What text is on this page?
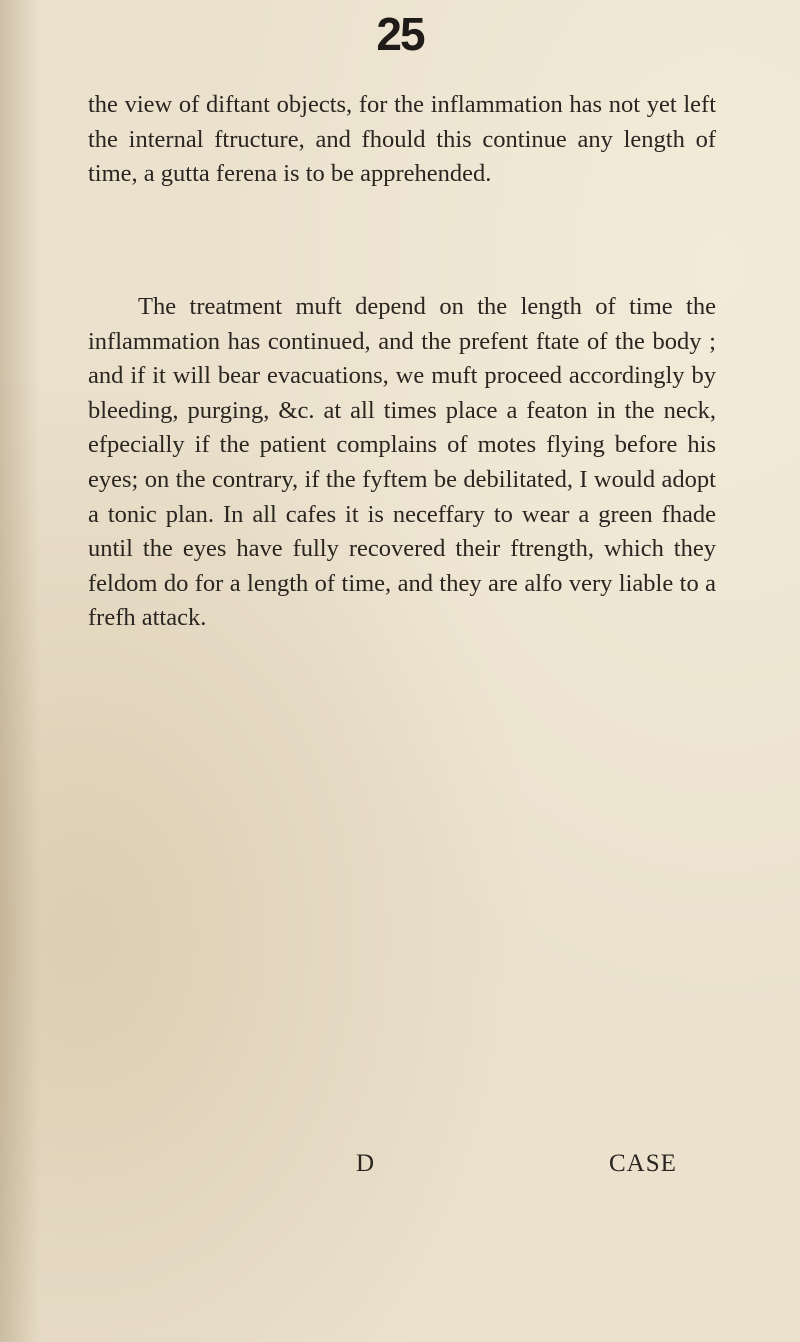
25

the view of diftant objects, for the inflammation has not yet left the internal ftructure, and fhould this continue any length of time, a gutta ferena is to be apprehended.

The treatment muft depend on the length of time the inflammation has continued, and the prefent ftate of the body ; and if it will bear evacuations, we muft proceed accordingly by bleeding, purging, &c. at all times place a featon in the neck, efpecially if the patient complains of motes flying before his eyes; on the contrary, if the fyftem be debilitated, I would adopt a tonic plan. In all cafes it is neceffary to wear a green fhade until the eyes have fully recovered their ftrength, which they feldom do for a length of time, and they are alfo very liable to a frefh attack.

D	CASE
